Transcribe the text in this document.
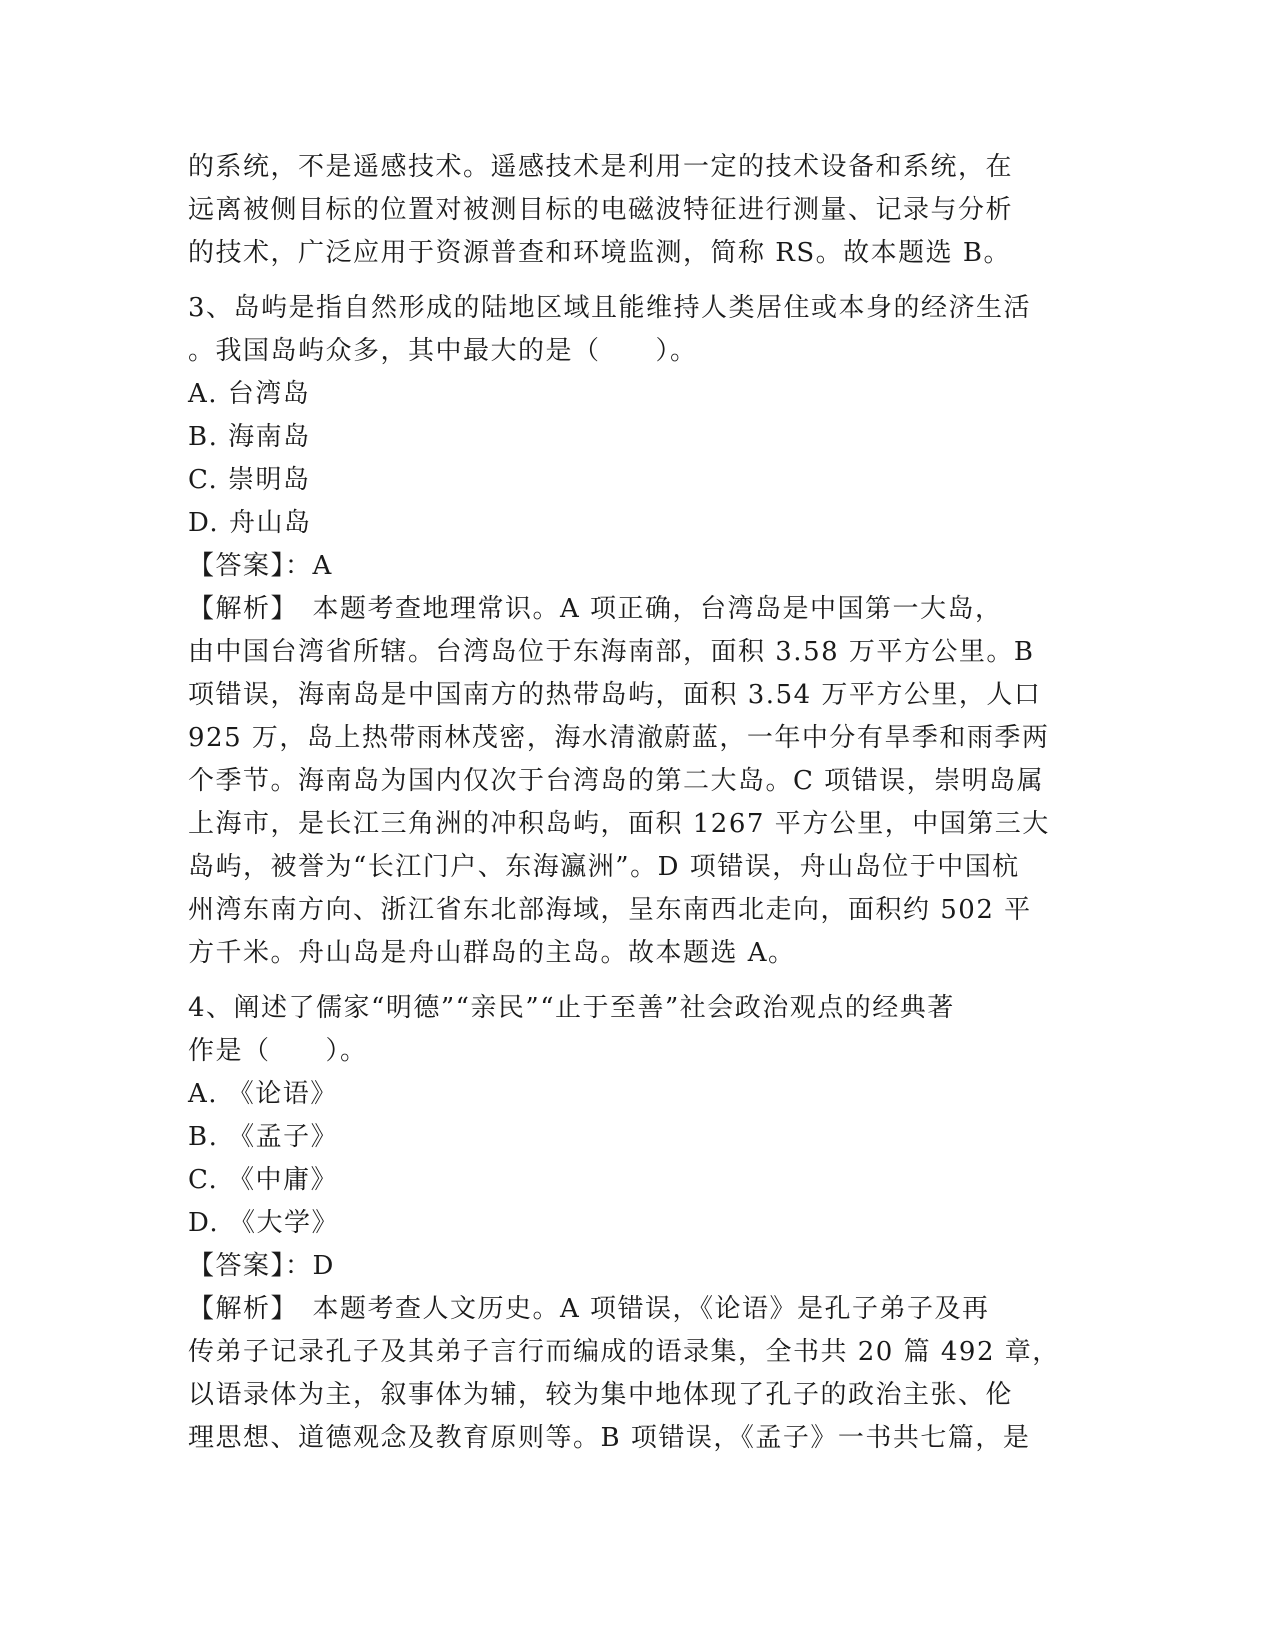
的系统，不是遥感技术。遥感技术是利用一定的技术设备和系统，在
远离被侧目标的位置对被测目标的电磁波特征进行测量、记录与分析
的技术，广泛应用于资源普查和环境监测，简称 RS。故本题选 B。
3、岛屿是指自然形成的陆地区域且能维持人类居住或本身的经济生活
。我国岛屿众多，其中最大的是（　　）。
A. 台湾岛
B. 海南岛
C. 崇明岛
D. 舟山岛
【答案】：A
【解析】　本题考查地理常识。A 项正确，台湾岛是中国第一大岛，
由中国台湾省所辖。台湾岛位于东海南部，面积 3.58 万平方公里。B
项错误，海南岛是中国南方的热带岛屿，面积 3.54 万平方公里，人口
925 万，岛上热带雨林茂密，海水清澈蔚蓝，一年中分有旱季和雨季两
个季节。海南岛为国内仅次于台湾岛的第二大岛。C 项错误，崇明岛属
上海市，是长江三角洲的冲积岛屿，面积 1267 平方公里，中国第三大
岛屿，被誉为“长江门户、东海瀛洲”。D 项错误，舟山岛位于中国杭
州湾东南方向、浙江省东北部海域，呈东南西北走向，面积约 502 平
方千米。舟山岛是舟山群岛的主岛。故本题选 A。
4、阐述了儒家“明德”“亲民”“止于至善”社会政治观点的经典著
作是（　　）。
A. 《论语》
B. 《孟子》
C. 《中庸》
D. 《大学》
【答案】：D
【解析】　本题考查人文历史。A 项错误，《论语》是孔子弟子及再
传弟子记录孔子及其弟子言行而编成的语录集，全书共 20 篇 492 章，
以语录体为主，叙事体为辅，较为集中地体现了孔子的政治主张、伦
理思想、道德观念及教育原则等。B 项错误，《孟子》一书共七篇，是
